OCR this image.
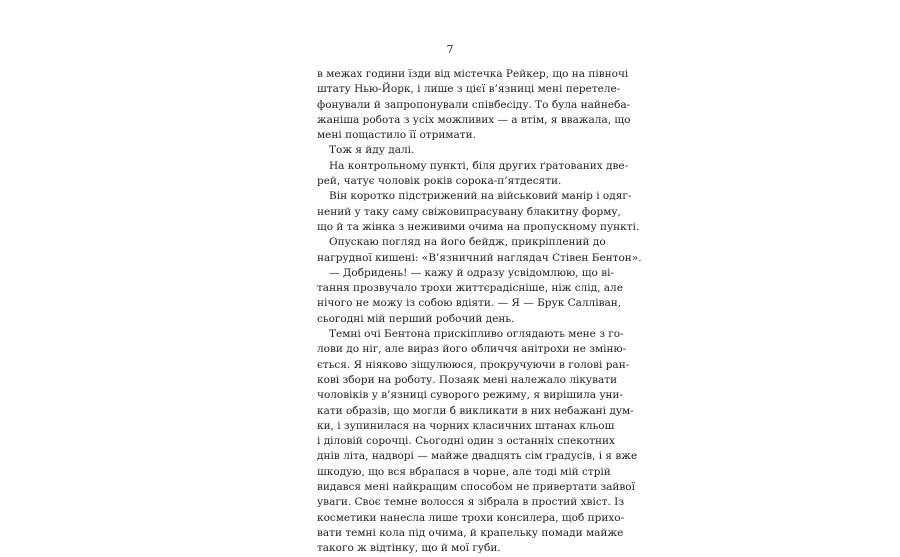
7
в межах години їзди від містечка Рейкер, що на півночі
штату Нью-Йорк, і лише з цієї в’язниці мені перетеле-
фонували й запропонували співбесіду. То була найнеба-
жаніша робота з усіх можливих — а втім, я вважала, що
мені пощастило її отримати.
Тож я йду далі.
На контрольному пункті, біля других ґратованих две-
рей, чатує чоловік років сорока-п’ятдесяти.
Він коротко підстрижений на військовий манір і одяг-
нений у таку саму свіжовипрасувану блакитну форму,
що й та жінка з неживими очима на пропускному пункті.
Опускаю погляд на його бейдж, прикріплений до
нагрудної кишені: «В’язничний наглядач Стівен Бентон».
— Добридень! — кажу й одразу усвідомлюю, що ві-
тання прозвучало трохи життєрадісніше, ніж слід, але
нічого не можу із собою вдіяти. — Я — Брук Салліван,
сьогодні мій перший робочий день.
Темні очі Бентона прискіпливо оглядають мене з го-
лови до ніг, але вираз його обличчя анітрохи не зміню-
ється. Я ніяково зіщулююся, прокручуючи в голові ран-
кові збори на роботу. Позаяк мені належало лікувати
чоловіків у в’язниці суворого режиму, я вирішила уни-
кати образів, що могли б викликати в них небажані дум-
ки, і зупинилася на чорних класичних штанах кльош
і діловій сорочці. Сьогодні один з останніх спекотних
днів літа, надворі — майже двадцять сім градусів, і я вже
шкодую, що вся вбралася в чорне, але тоді мій стрій
видався мені найкращим способом не привертати зайвої
уваги. Своє темне волосся я зібрала в простий хвіст. Із
косметики нанесла лише трохи консилера, щоб прихо-
вати темні кола під очима, й крапельку помади майже
такого ж відтінку, що й мої губи.
